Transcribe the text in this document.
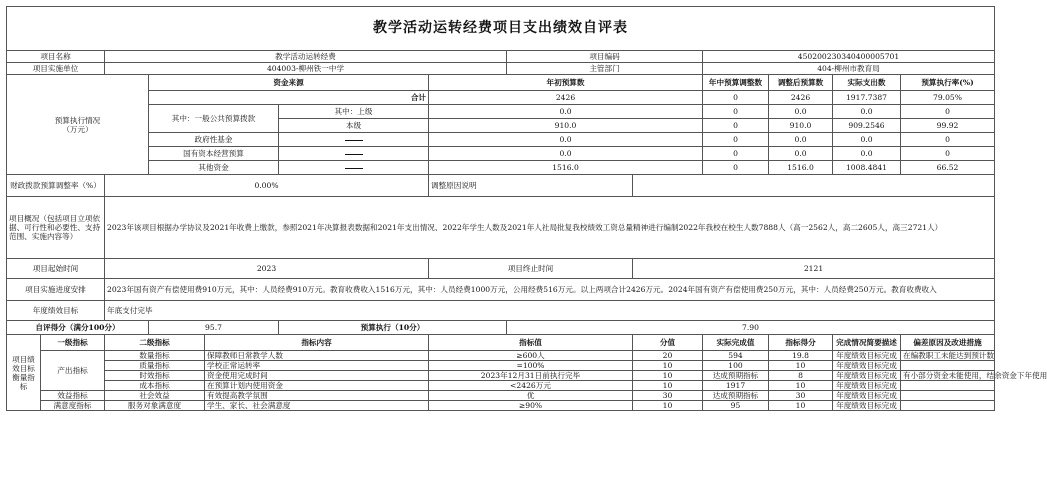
教学活动运转经费项目支出绩效自评表												
项目名称		教学活动运转经费					项目编码		450200230340400005701			
项目实施单位		404003-柳州铁一中学					主管部门		404-柳州市教育局			
预算执行情况
（万元）			资金来源			年初预算数			年中预算调整数	调整后预算数	实际支出数	预算执行率(%)
			合计			2426			0	2426	1917.7387	79.05%
			其中：一般公共预算拨款		其中：上级	0.0			0	0.0	0.0	0
					本级	910.0			0	910.0	909.2546	99.92
			政府性基金			0.0			0	0.0	0.0	0
			国有资本经营预算			0.0			0	0.0	0.0	0
			其他资金			1516.0			0	1516.0	1008.4841	66.52
财政拨款预算调整率（%）		0.00%				调整原因说明						
项目概况（包括项目立项依据、可行性和必要性、支持范围、实施内容等）		2023年该项目根据办学协议及2021年收费上缴款，参照2021年决算报表数据和2021年支出情况、2022年学生人数及2021年人社局批复我校绩效工资总量精神进行编制2022年我校在校生人数7888人（高一2562人，高二2605人，高三2721人）										
项目起始时间		2023				项目终止时间		2121				
项目实施进度安排		2023年国有资产有偿使用费910万元，其中：人员经费910万元。教育收费收入1516万元，其中：人员经费1000万元，公用经费516万元。以上两项合计2426万元。2024年国有资产有偿使用费250万元，其中：人员经费250万元。教育收费收入										
年度绩效目标		年底支付完毕										
自评得分（满分100分）			95.7		预算执行（10分）		7.90					
项目绩效目标衡量指标	一级指标	二级指标		指标内容		指标值		分值	实际完成值	指标得分	完成情况简要描述	偏差原因及改进措施
	产出指标	数量指标		保障教师日常教学人数		≥600人		20	594	19.8	年度绩效目标完成	在编教职工未能达到预计数
		质量指标		学校正常运转率		=100%		10	100	10	年度绩效目标完成	
		时效指标		资金使用完成时间		2023年12月31日前执行完毕		10	达成预期指标	8	年度绩效目标完成	有小部分资金未能使用，结余资金下年使用
		成本指标		在预算计划内使用资金		<2426万元		10	1917	10	年度绩效目标完成	
	效益指标	社会效益		有效提高教学氛围		优		30	达成预期指标	30	年度绩效目标完成	
	满意度指标	服务对象满意度		学生、家长、社会满意度		≥90%		10	95	10	年度绩效目标完成	
